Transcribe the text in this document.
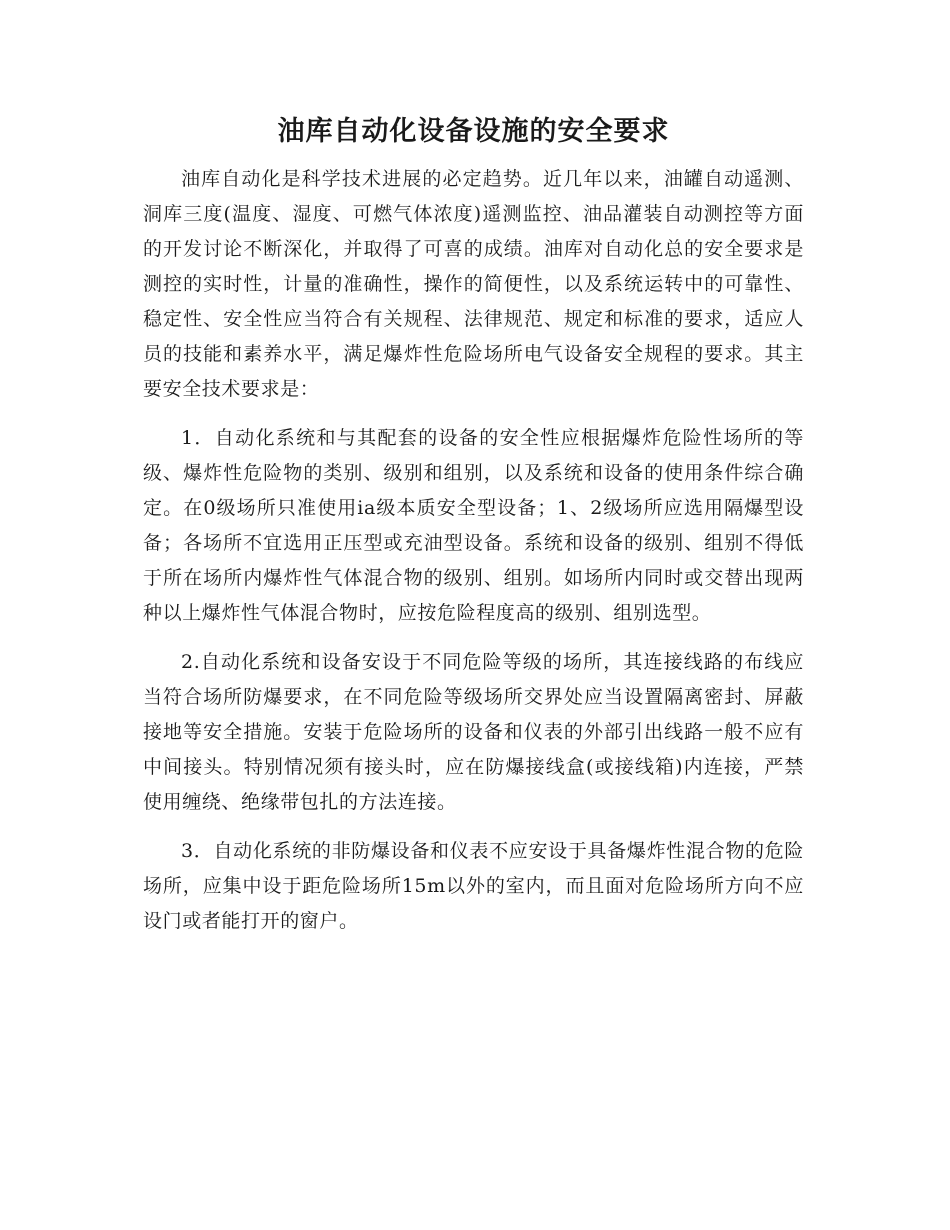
油库自动化设备设施的安全要求

油库自动化是科学技术进展的必定趋势。近几年以来，油罐自动遥测、洞库三度(温度、湿度、可燃气体浓度)遥测监控、油品灌装自动测控等方面的开发讨论不断深化，并取得了可喜的成绩。油库对自动化总的安全要求是测控的实时性，计量的准确性，操作的简便性，以及系统运转中的可靠性、稳定性、安全性应当符合有关规程、法律规范、规定和标准的要求，适应人员的技能和素养水平，满足爆炸性危险场所电气设备安全规程的要求。其主要安全技术要求是：

1．自动化系统和与其配套的设备的安全性应根据爆炸危险性场所的等级、爆炸性危险物的类别、级别和组别，以及系统和设备的使用条件综合确定。在0级场所只准使用ia级本质安全型设备；1、2级场所应选用隔爆型设备；各场所不宜选用正压型或充油型设备。系统和设备的级别、组别不得低于所在场所内爆炸性气体混合物的级别、组别。如场所内同时或交替出现两种以上爆炸性气体混合物时，应按危险程度高的级别、组别选型。

2.自动化系统和设备安设于不同危险等级的场所，其连接线路的布线应当符合场所防爆要求，在不同危险等级场所交界处应当设置隔离密封、屏蔽接地等安全措施。安装于危险场所的设备和仪表的外部引出线路一般不应有中间接头。特别情况须有接头时，应在防爆接线盒(或接线箱)内连接，严禁使用缠绕、绝缘带包扎的方法连接。

3．自动化系统的非防爆设备和仪表不应安设于具备爆炸性混合物的危险场所，应集中设于距危险场所15m以外的室内，而且面对危险场所方向不应设门或者能打开的窗户。
